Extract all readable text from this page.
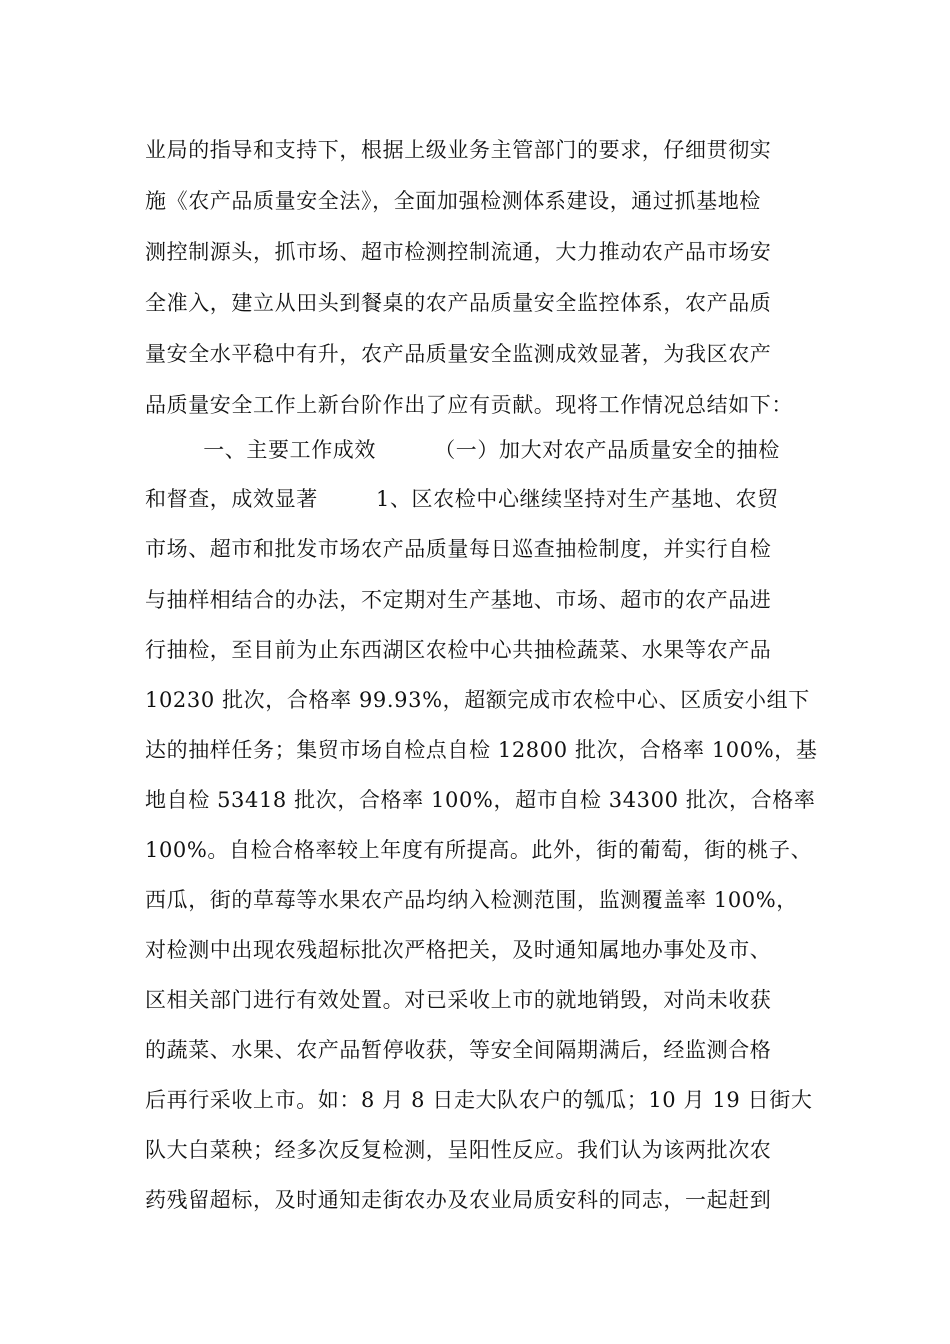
业局的指导和支持下，根据上级业务主管部门的要求，仔细贯彻实
施《农产品质量安全法》，全面加强检测体系建设，通过抓基地检
测控制源头，抓市场、超市检测控制流通，大力推动农产品市场安
全准入，建立从田头到餐桌的农产品质量安全监控体系，农产品质
量安全水平稳中有升，农产品质量安全监测成效显著，为我区农产
品质量安全工作上新台阶作出了应有贡献。现将工作情况总结如下：
一、主要工作成效        （一）加大对农产品质量安全的抽检
和督查，成效显著        1、区农检中心继续坚持对生产基地、农贸
市场、超市和批发市场农产品质量每日巡查抽检制度，并实行自检
与抽样相结合的办法，不定期对生产基地、市场、超市的农产品进
行抽检，至目前为止东西湖区农检中心共抽检蔬菜、水果等农产品
10230 批次，合格率 99.93%，超额完成市农检中心、区质安小组下
达的抽样任务；集贸市场自检点自检 12800 批次，合格率 100%，基
地自检 53418 批次，合格率 100%，超市自检 34300 批次，合格率
100%。自检合格率较上年度有所提高。此外，街的葡萄，街的桃子、
西瓜，街的草莓等水果农产品均纳入检测范围，监测覆盖率 100%，
对检测中出现农残超标批次严格把关，及时通知属地办事处及市、
区相关部门进行有效处置。对已采收上市的就地销毁，对尚未收获
的蔬菜、水果、农产品暂停收获，等安全间隔期满后，经监测合格
后再行采收上市。如：8 月 8 日走大队农户的瓠瓜；10 月 19 日街大
队大白菜秧；经多次反复检测，呈阳性反应。我们认为该两批次农
药残留超标，及时通知走街农办及农业局质安科的同志，一起赶到
